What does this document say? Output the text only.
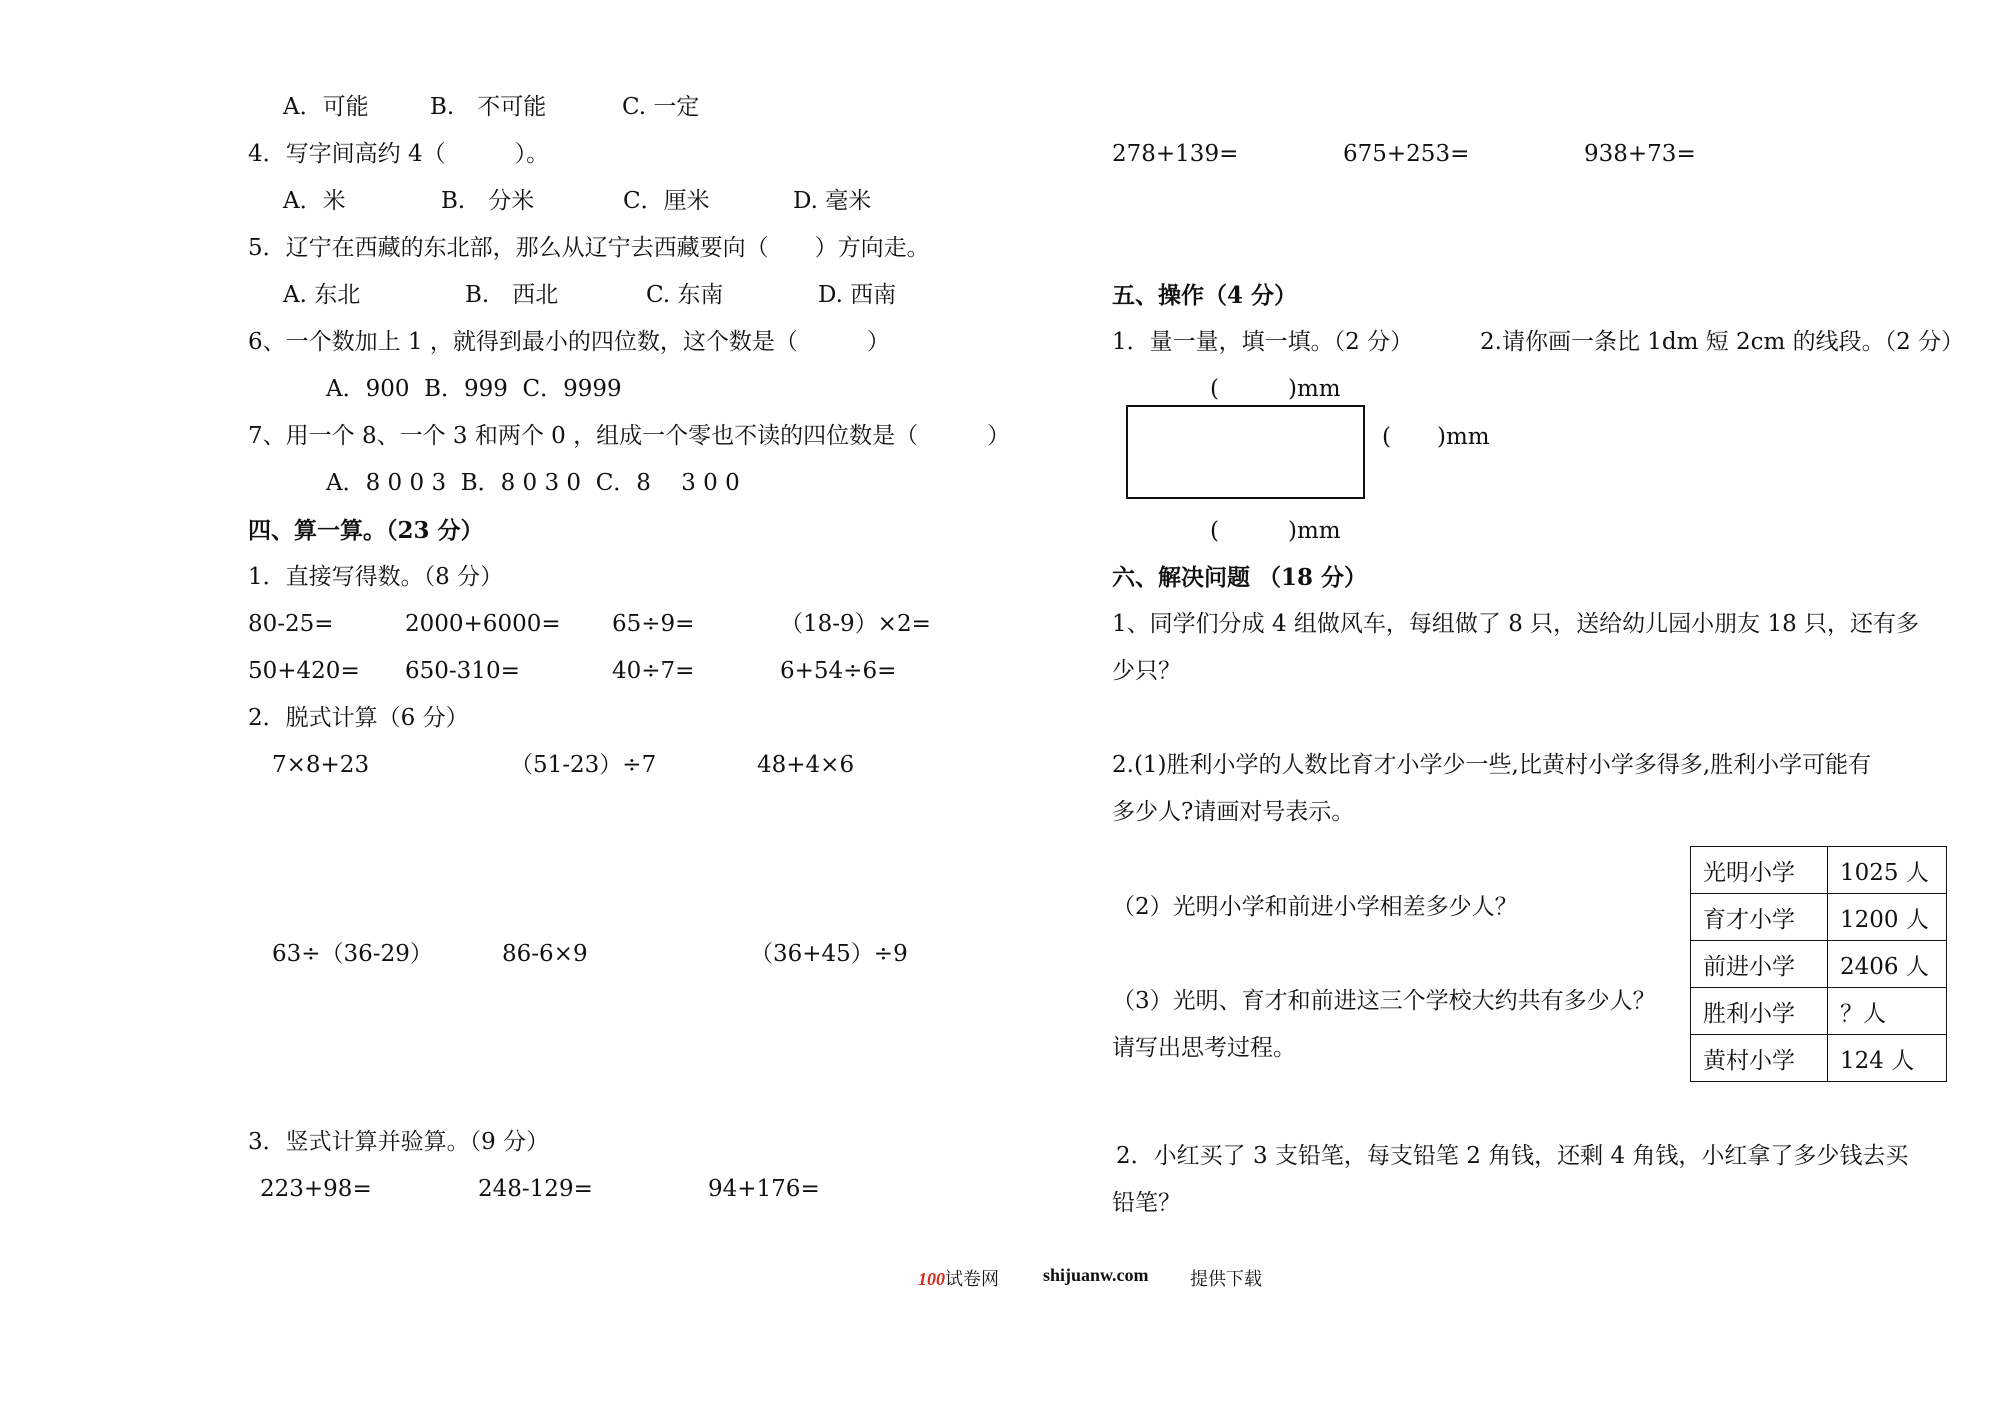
A．可能	B.　不可能	C. 一定
4．写字间高约 4（　　　）。
A．米	B.　分米	C．厘米	D. 毫米
5．辽宁在西藏的东北部，那么从辽宁去西藏要向（　　）方向走。
A. 东北	B.　西北	C. 东南	D. 西南
6、一个数加上 1 ，就得到最小的四位数，这个数是（　　　）
A．900  B．999  C．9999
7、用一个 8、一个 3 和两个 0 ，组成一个零也不读的四位数是（　　　）
A．8 0 0 3  B．8 0 3 0  C．8　 3 0 0
四、算一算。（23 分）
1．直接写得数。（8 分）
80-25=	2000+6000= 65÷9=	（18-9）×2=
50+420= 650-310=	40÷7=	6+54÷6=
2．脱式计算（6 分）
7×8+23	（51-23）÷7	48+4×6
63÷（36-29）	86-6×9	（36+45）÷9
3．竖式计算并验算。（9 分）
223+98=	248-129=	94+176=
278+139=	675+253=	938+73=
五、操作（4 分）
1．量一量，填一填。（2 分）	2.请你画一条比 1dm 短 2cm 的线段。（2 分）
(　　　)mm
(　　)mm
(　　　)mm
六、解决问题 （18 分）
1、同学们分成 4 组做风车，每组做了 8 只，送给幼儿园小朋友 18 只，还有多
少只？
2.(1)胜利小学的人数比育才小学少一些,比黄村小学多得多,胜利小学可能有
多少人?请画对号表示。
光明小学	1025 人
育才小学	1200 人
前进小学	2406 人
胜利小学	？人
黄村小学	124 人
（2）光明小学和前进小学相差多少人？
（3）光明、育才和前进这三个学校大约共有多少人？
请写出思考过程。
2．小红买了 3 支铅笔，每支铅笔 2 角钱，还剩 4 角钱，小红拿了多少钱去买
铅笔？
100试卷网 shijuanw.com 提供下载
